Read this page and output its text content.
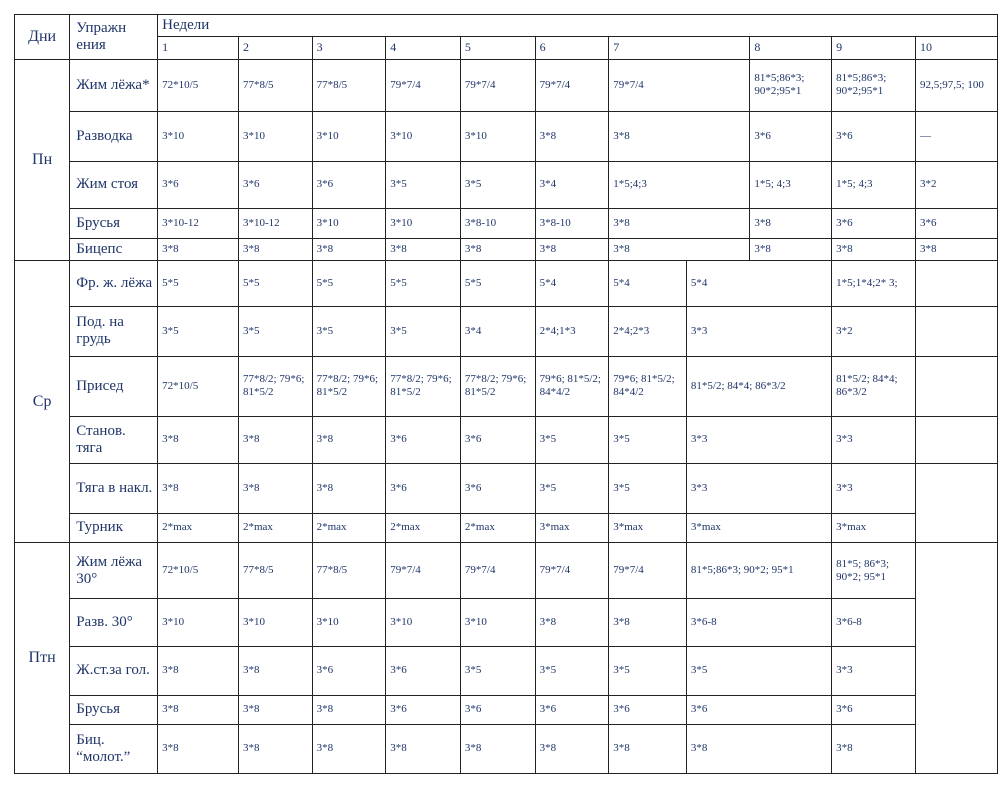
Дни	Упражн ения	Недели										
		1	2	3	4	5	6	7		8	9	10
Пн	Жим лёжа*	72*10/5	77*8/5	77*8/5	79*7/4	79*7/4	79*7/4	79*7/4		81*5;86*3; 90*2;95*1	81*5;86*3; 90*2;95*1	92,5;97,5; 100
	Разводка	3*10	3*10	3*10	3*10	3*10	3*8	3*8		3*6	3*6	—
	Жим стоя	3*6	3*6	3*6	3*5	3*5	3*4	1*5;4;3		1*5; 4;3	1*5; 4;3	3*2
	Брусья	3*10-12	3*10-12	3*10	3*10	3*8-10	3*8-10	3*8		3*8	3*6	3*6
	Бицепс	3*8	3*8	3*8	3*8	3*8	3*8	3*8		3*8	3*8	3*8
Ср	Фр. ж. лёжа	5*5	5*5	5*5	5*5	5*5	5*4	5*4	5*4		1*5;1*4;2* 3;	
	Под. на грудь	3*5	3*5	3*5	3*5	3*4	2*4;1*3	2*4;2*3	3*3		3*2	
	Присед	72*10/5	77*8/2; 79*6; 81*5/2	77*8/2; 79*6; 81*5/2	77*8/2; 79*6; 81*5/2	77*8/2; 79*6; 81*5/2	79*6; 81*5/2; 84*4/2	79*6; 81*5/2; 84*4/2	81*5/2; 84*4; 86*3/2		81*5/2; 84*4; 86*3/2	
	Станов. тяга	3*8	3*8	3*8	3*6	3*6	3*5	3*5	3*3		3*3	
	Тяга в накл.	3*8	3*8	3*8	3*6	3*6	3*5	3*5	3*3		3*3	
	Турник	2*max	2*max	2*max	2*max	2*max	3*max	3*max	3*max		3*max	
Птн	Жим лёжа 30°	72*10/5	77*8/5	77*8/5	79*7/4	79*7/4	79*7/4	79*7/4	81*5;86*3; 90*2; 95*1		81*5; 86*3; 90*2; 95*1	
	Разв. 30°	3*10	3*10	3*10	3*10	3*10	3*8	3*8	3*6-8		3*6-8	
	Ж.ст.за гол.	3*8	3*8	3*6	3*6	3*5	3*5	3*5	3*5		3*3	
	Брусья	3*8	3*8	3*8	3*6	3*6	3*6	3*6	3*6		3*6	
	Биц. “молот.”	3*8	3*8	3*8	3*8	3*8	3*8	3*8	3*8		3*8	
